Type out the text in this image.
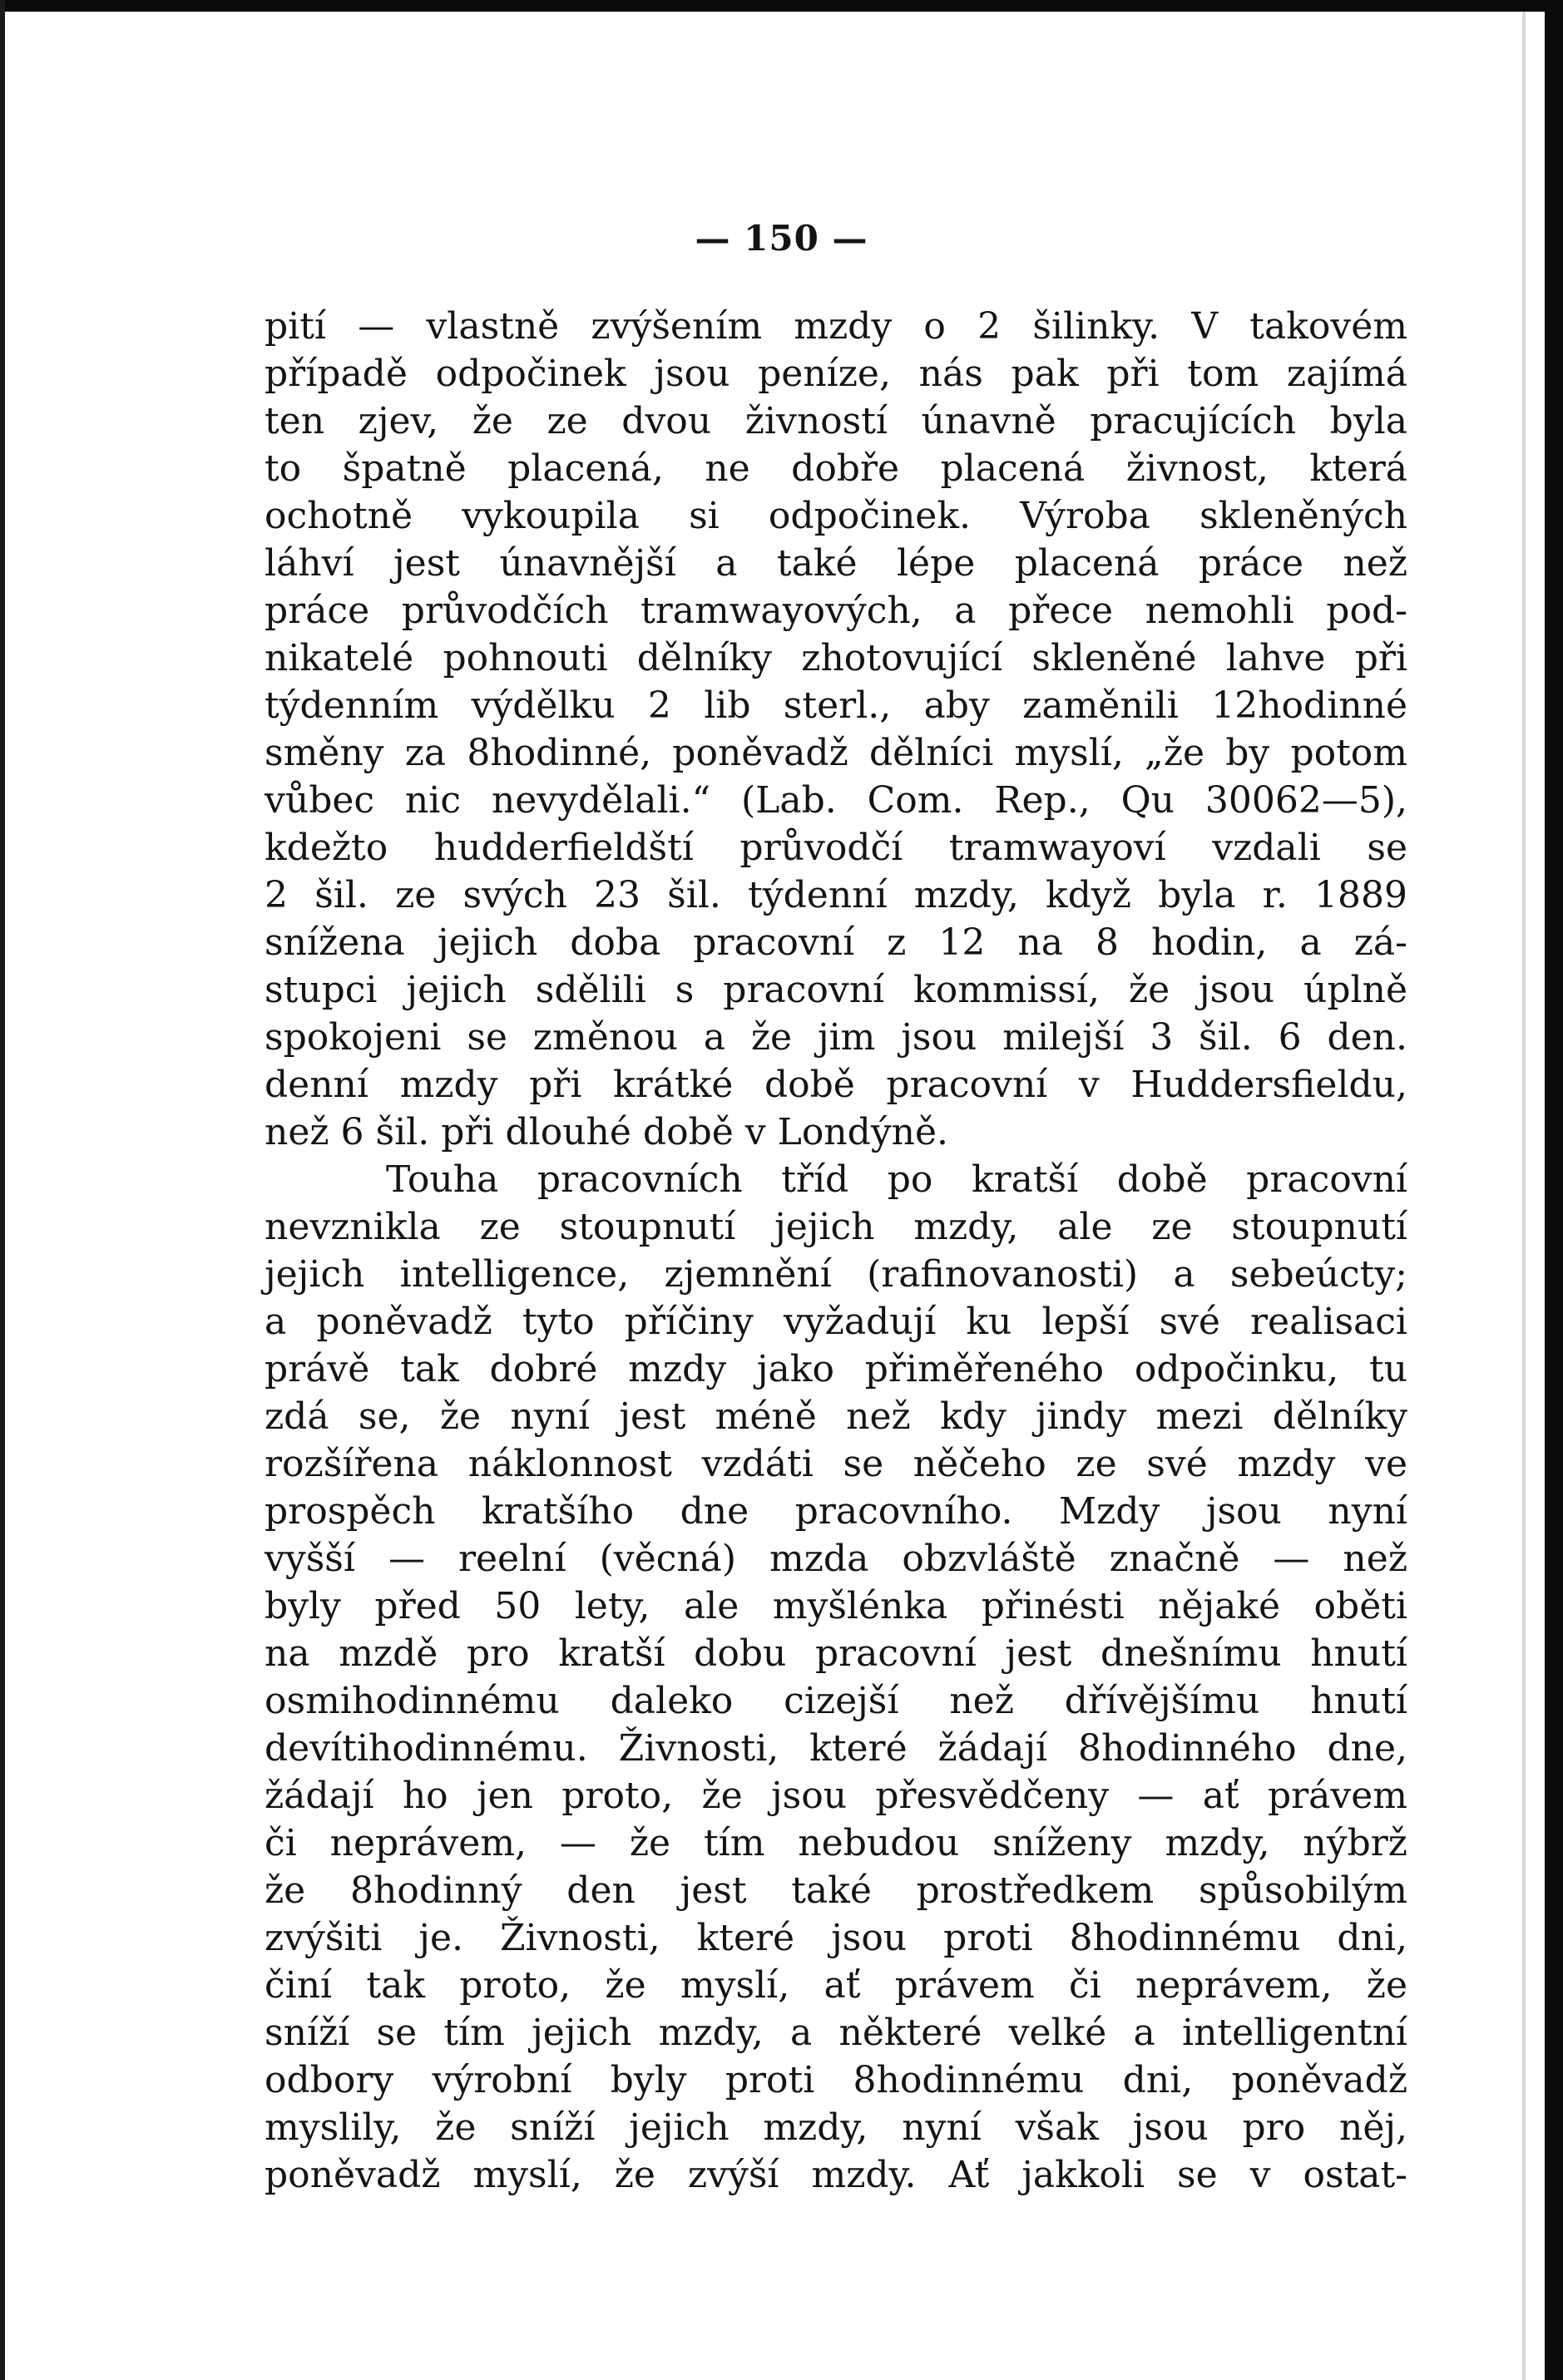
— 150 —
pití — vlastně zvýšením mzdy o 2 šilinky. V takovém
případě odpočinek jsou peníze, nás pak při tom zajímá
ten zjev, že ze dvou živností únavně pracujících byla
to špatně placená, ne dobře placená živnost, která
ochotně vykoupila si odpočinek. Výroba skleněných
láhví jest únavnější a také lépe placená práce než
práce průvodčích tramwayových, a přece nemohli pod-
nikatelé pohnouti dělníky zhotovující skleněné lahve při
týdenním výdělku 2 lib sterl., aby zaměnili 12hodinné
směny za 8hodinné, poněvadž dělníci myslí, „že by potom
vůbec nic nevydělali.“ (Lab. Com. Rep., Qu 30062—5),
kdežto hudderfieldští průvodčí tramwayoví vzdali se
2 šil. ze svých 23 šil. týdenní mzdy, když byla r. 1889
snížena jejich doba pracovní z 12 na 8 hodin, a zá-
stupci jejich sdělili s pracovní kommissí, že jsou úplně
spokojeni se změnou a že jim jsou milejší 3 šil. 6 den.
denní mzdy při krátké době pracovní v Huddersfieldu,
než 6 šil. při dlouhé době v Londýně.
Touha pracovních tříd po kratší době pracovní
nevznikla ze stoupnutí jejich mzdy, ale ze stoupnutí
jejich intelligence, zjemnění (rafinovanosti) a sebeúcty;
a poněvadž tyto příčiny vyžadují ku lepší své realisaci
právě tak dobré mzdy jako přiměřeného odpočinku, tu
zdá se, že nyní jest méně než kdy jindy mezi dělníky
rozšířena náklonnost vzdáti se něčeho ze své mzdy ve
prospěch kratšího dne pracovního. Mzdy jsou nyní
vyšší — reelní (věcná) mzda obzvláště značně — než
byly před 50 lety, ale myšlénka přinésti nějaké oběti
na mzdě pro kratší dobu pracovní jest dnešnímu hnutí
osmihodinnému daleko cizejší než dřívějšímu hnutí
devítihodinnému. Živnosti, které žádají 8hodinného dne,
žádají ho jen proto, že jsou přesvědčeny — ať právem
či neprávem, — že tím nebudou sníženy mzdy, nýbrž
že 8hodinný den jest také prostředkem spůsobilým
zvýšiti je. Živnosti, které jsou proti 8hodinnému dni,
činí tak proto, že myslí, ať právem či neprávem, že
sníží se tím jejich mzdy, a některé velké a intelligentní
odbory výrobní byly proti 8hodinnému dni, poněvadž
myslily, že sníží jejich mzdy, nyní však jsou pro něj,
poněvadž myslí, že zvýší mzdy. Ať jakkoli se v ostat-
